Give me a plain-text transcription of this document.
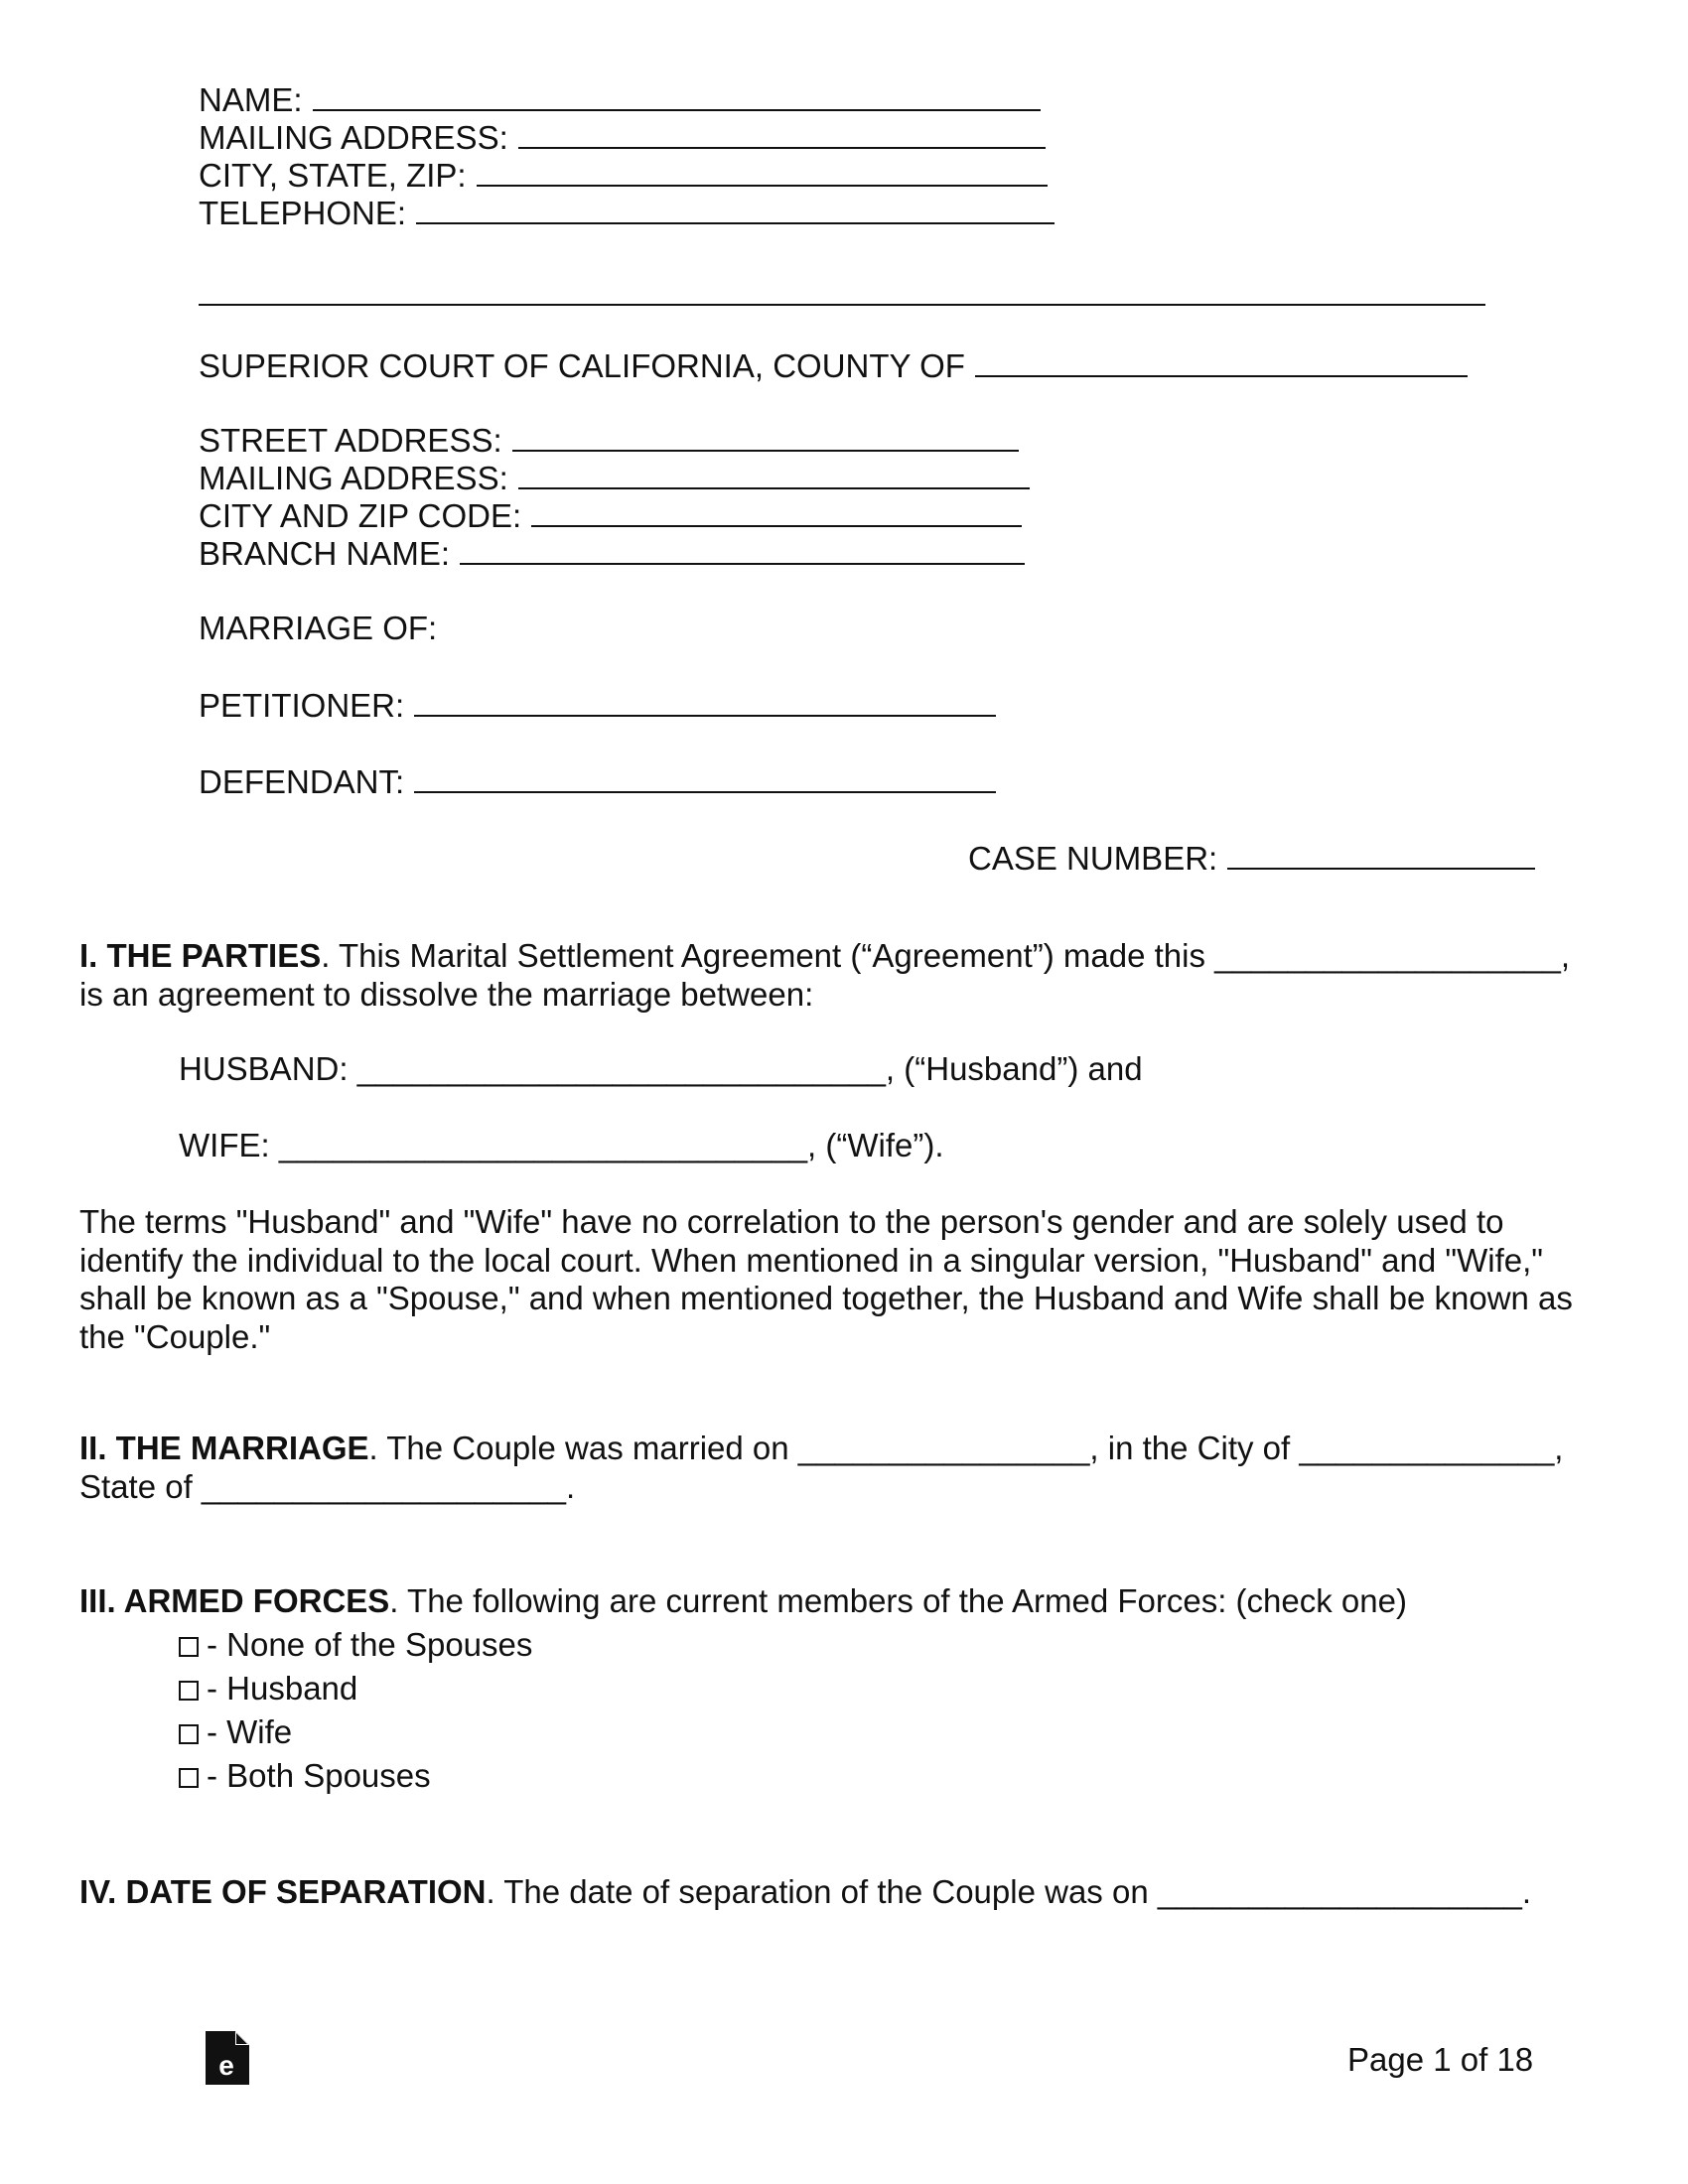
NAME:
MAILING ADDRESS:
CITY, STATE, ZIP:
TELEPHONE:
SUPERIOR COURT OF CALIFORNIA, COUNTY OF
STREET ADDRESS:
MAILING ADDRESS:
CITY AND ZIP CODE:
BRANCH NAME:
MARRIAGE OF:
PETITIONER:
DEFENDANT:
CASE NUMBER:
I. THE PARTIES. This Marital Settlement Agreement (“Agreement”) made this ___________________,
is an agreement to dissolve the marriage between:
HUSBAND: _____________________________, (“Husband”) and
WIFE: _____________________________, (“Wife”).
The terms "Husband" and "Wife" have no correlation to the person's gender and are solely used to
identify the individual to the local court. When mentioned in a singular version, "Husband" and "Wife,"
shall be known as a "Spouse," and when mentioned together, the Husband and Wife shall be known as
the "Couple."
II. THE MARRIAGE. The Couple was married on ________________, in the City of ______________,
State of ____________________.
III. ARMED FORCES. The following are current members of the Armed Forces: (check one)
- None of the Spouses
- Husband
- Wife
- Both Spouses
IV. DATE OF SEPARATION. The date of separation of the Couple was on ____________________.
e	Page 1 of 18
